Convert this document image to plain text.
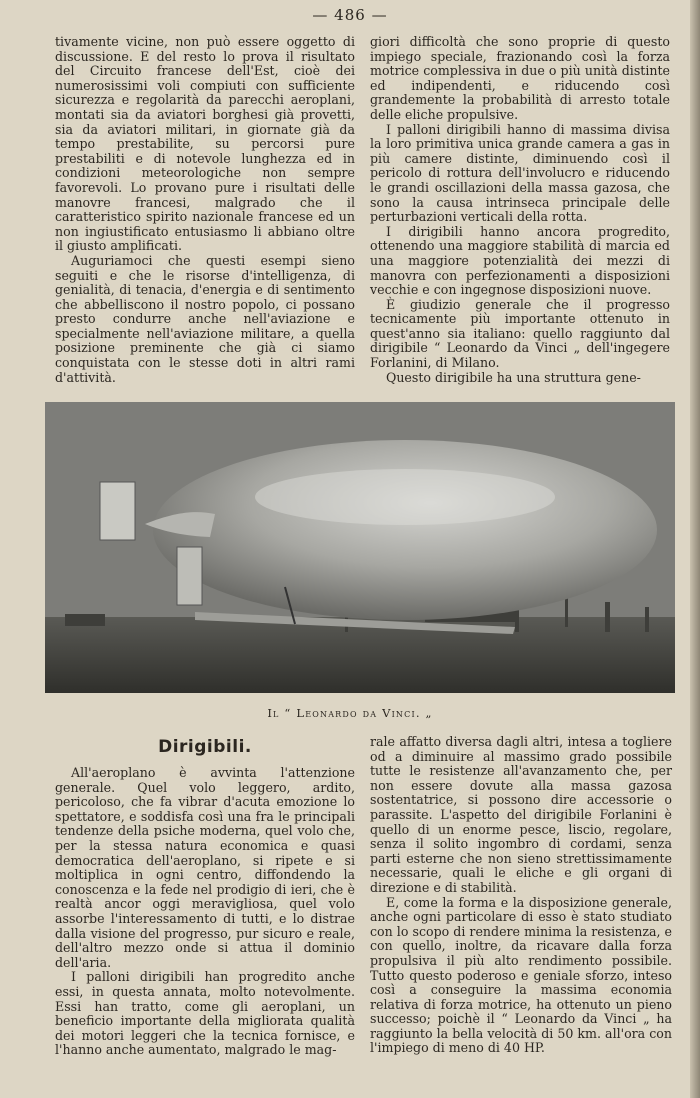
— 486 —

tivamente vicine, non può essere oggetto di discussione. E del resto lo prova il risultato del Circuito francese dell'Est, cioè dei numerosissimi voli compiuti con sufficiente sicurezza e regolarità da parecchi aeroplani, montati sia da aviatori borghesi già provetti, sia da aviatori militari, in giornate già da tempo prestabilite, su percorsi pure prestabiliti e di notevole lunghezza ed in condizioni meteorologiche non sempre favorevoli. Lo provano pure i risultati delle manovre francesi, malgrado che il caratteristico spirito nazionale francese ed un non ingiustificato entusiasmo li abbiano oltre il giusto amplificati.

Auguriamoci che questi esempi sieno seguiti e che le risorse d'intelligenza, di genialità, di tenacia, d'energia e di sentimento che abbelliscono il nostro popolo, ci possano presto condurre anche nell'aviazione e specialmente nell'aviazione militare, a quella posizione preminente che già ci siamo conquistata con le stesse doti in altri rami d'attività.

giori difficoltà che sono proprie di questo impiego speciale, frazionando così la forza motrice complessiva in due o più unità distinte ed indipendenti, e riducendo così grandemente la probabilità di arresto totale delle eliche propulsive.

I palloni dirigibili hanno di massima divisa la loro primitiva unica grande camera a gas in più camere distinte, diminuendo così il pericolo di rottura dell'involucro e riducendo le grandi oscillazioni della massa gazosa, che sono la causa intrinseca principale delle perturbazioni verticali della rotta.

I dirigibili hanno ancora progredito, ottenendo una maggiore stabilità di marcia ed una maggiore potenzialità dei mezzi di manovra con perfezionamenti a disposizioni vecchie e con ingegnose disposizioni nuove.

È giudizio generale che il progresso tecnicamente più importante ottenuto in quest'anno sia italiano: quello raggiunto dal dirigibile “ Leonardo da Vinci „ dell'ingegere Forlanini, di Milano.

Questo dirigibile ha una struttura gene-

Il “ Leonardo da Vinci. „
Dirigibili.

All'aeroplano è avvinta l'attenzione generale. Quel volo leggero, ardito, pericoloso, che fa vibrar d'acuta emozione lo spettatore, e soddisfa così una fra le principali tendenze della psiche moderna, quel volo che, per la stessa natura economica e quasi democratica dell'aeroplano, si ripete e si moltiplica in ogni centro, diffondendo la conoscenza e la fede nel prodigio di ieri, che è realtà ancor oggi meravigliosa, quel volo assorbe l'interessamento di tutti, e lo distrae dalla visione del progresso, pur sicuro e reale, dell'altro mezzo onde si attua il dominio dell'aria.

I palloni dirigibili han progredito anche essi, in questa annata, molto notevolmente. Essi han tratto, come gli aeroplani, un beneficio importante della migliorata qualità dei motori leggeri che la tecnica fornisce, e l'hanno anche aumentato, malgrado le mag-

rale affatto diversa dagli altri, intesa a togliere od a diminuire al massimo grado possibile tutte le resistenze all'avanzamento che, per non essere dovute alla massa gazosa sostentatrice, si possono dire accessorie o parassite. L'aspetto del dirigibile Forlanini è quello di un enorme pesce, liscio, regolare, senza il solito ingombro di cordami, senza parti esterne che non sieno strettissimamente necessarie, quali le eliche e gli organi di direzione e di stabilità.

E, come la forma e la disposizione generale, anche ogni particolare di esso è stato studiato con lo scopo di rendere minima la resistenza, e con quello, inoltre, da ricavare dalla forza propulsiva il più alto rendimento possibile. Tutto questo poderoso e geniale sforzo, inteso così a conseguire la massima economia relativa di forza motrice, ha ottenuto un pieno successo; poichè il “ Leonardo da Vinci „ ha raggiunto la bella velocità di 50 km. all'ora con l'impiego di meno di 40 HP.
